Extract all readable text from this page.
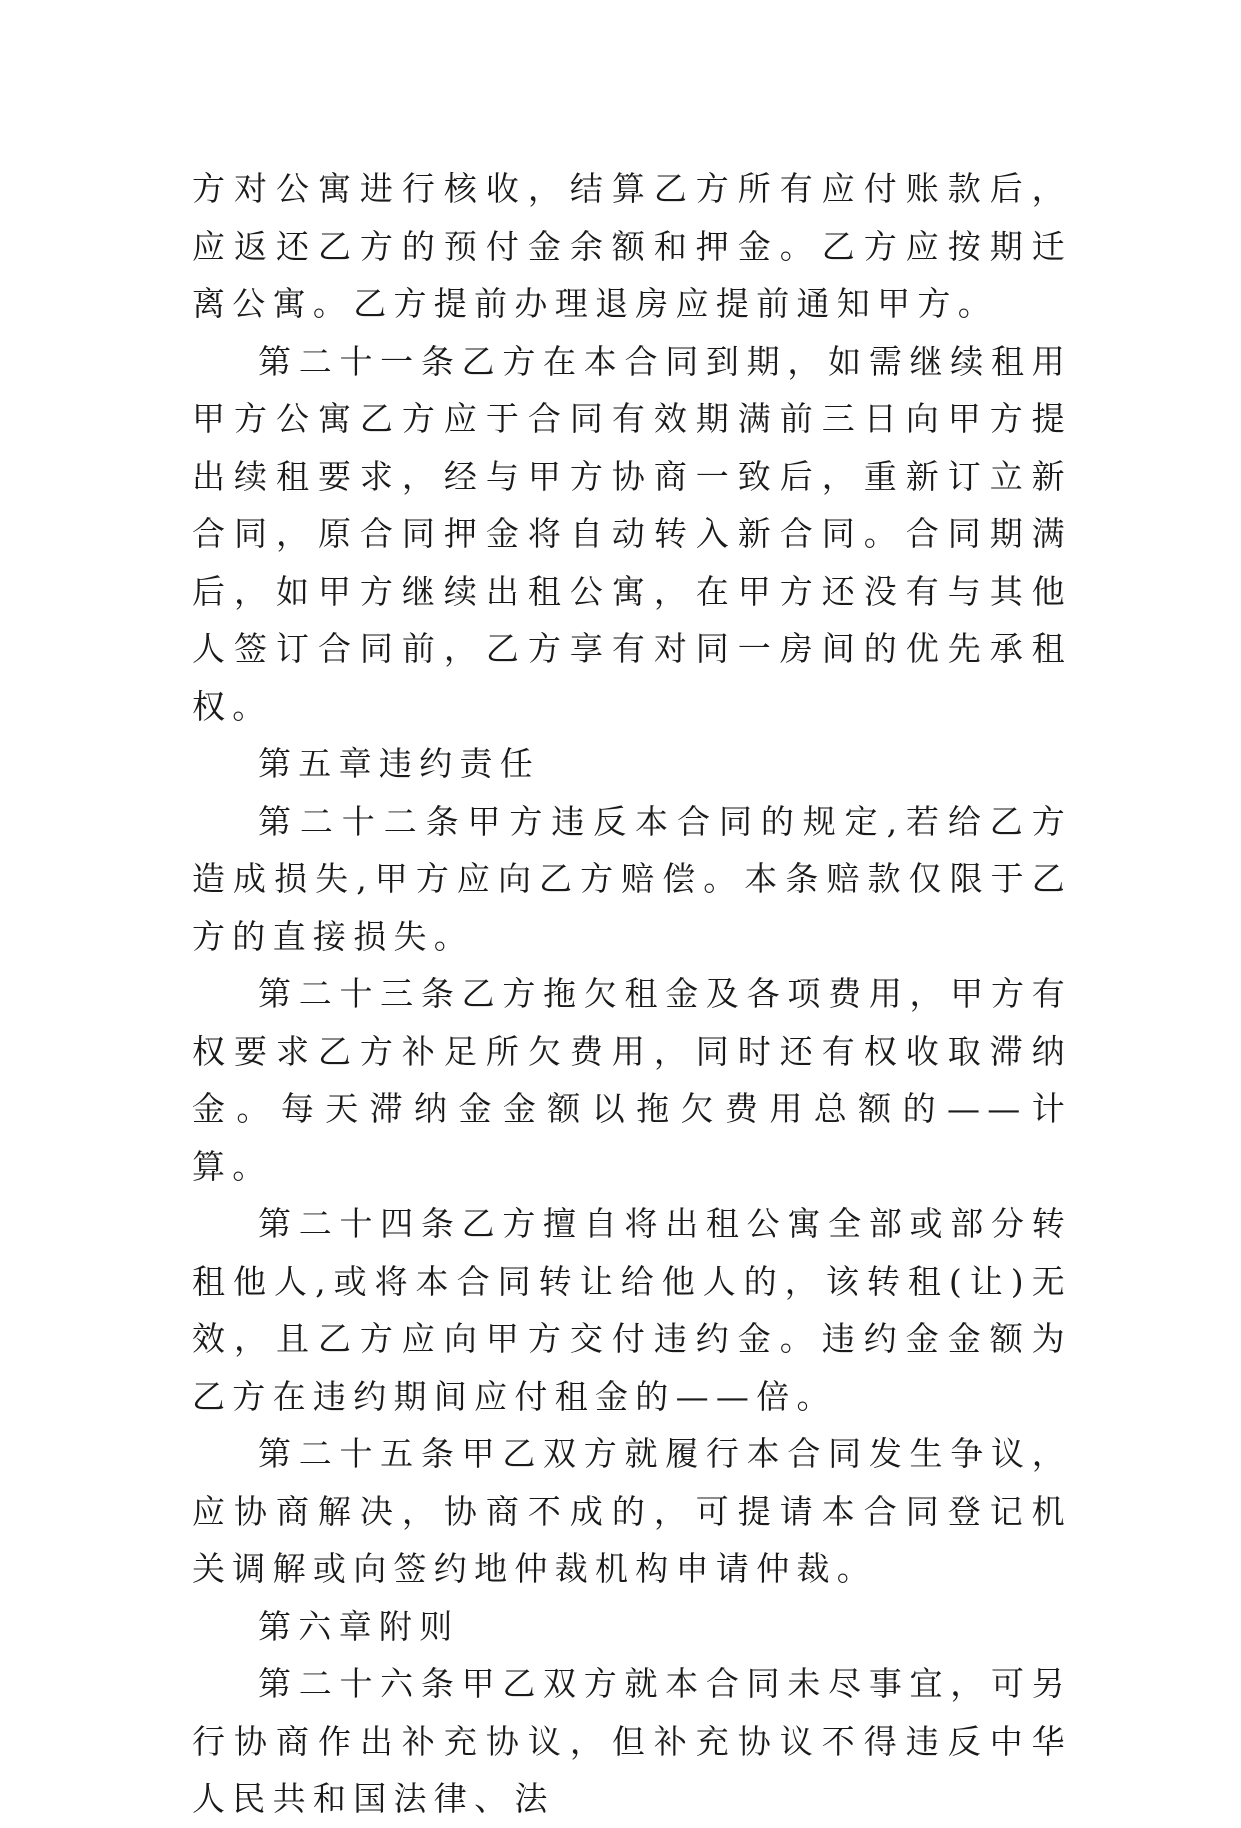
方对公寓进行核收，结算乙方所有应付账款后，应返还乙方的预付金余额和押金。乙方应按期迁离公寓。乙方提前办理退房应提前通知甲方。

第二十一条乙方在本合同到期，如需继续租用甲方公寓乙方应于合同有效期满前三日向甲方提出续租要求，经与甲方协商一致后，重新订立新合同，原合同押金将自动转入新合同。合同期满后，如甲方继续出租公寓，在甲方还没有与其他人签订合同前，乙方享有对同一房间的优先承租权。

第五章违约责任

第二十二条甲方违反本合同的规定,若给乙方造成损失,甲方应向乙方赔偿。本条赔款仅限于乙方的直接损失。

第二十三条乙方拖欠租金及各项费用，甲方有权要求乙方补足所欠费用，同时还有权收取滞纳金。每天滞纳金金额以拖欠费用总额的——计算。

第二十四条乙方擅自将出租公寓全部或部分转租他人,或将本合同转让给他人的，该转租(让)无效，且乙方应向甲方交付违约金。违约金金额为乙方在违约期间应付租金的——倍。

第二十五条甲乙双方就履行本合同发生争议，应协商解决，协商不成的，可提请本合同登记机关调解或向签约地仲裁机构申请仲裁。

第六章附则

第二十六条甲乙双方就本合同未尽事宜，可另行协商作出补充协议，但补充协议不得违反中华人民共和国法律、法
